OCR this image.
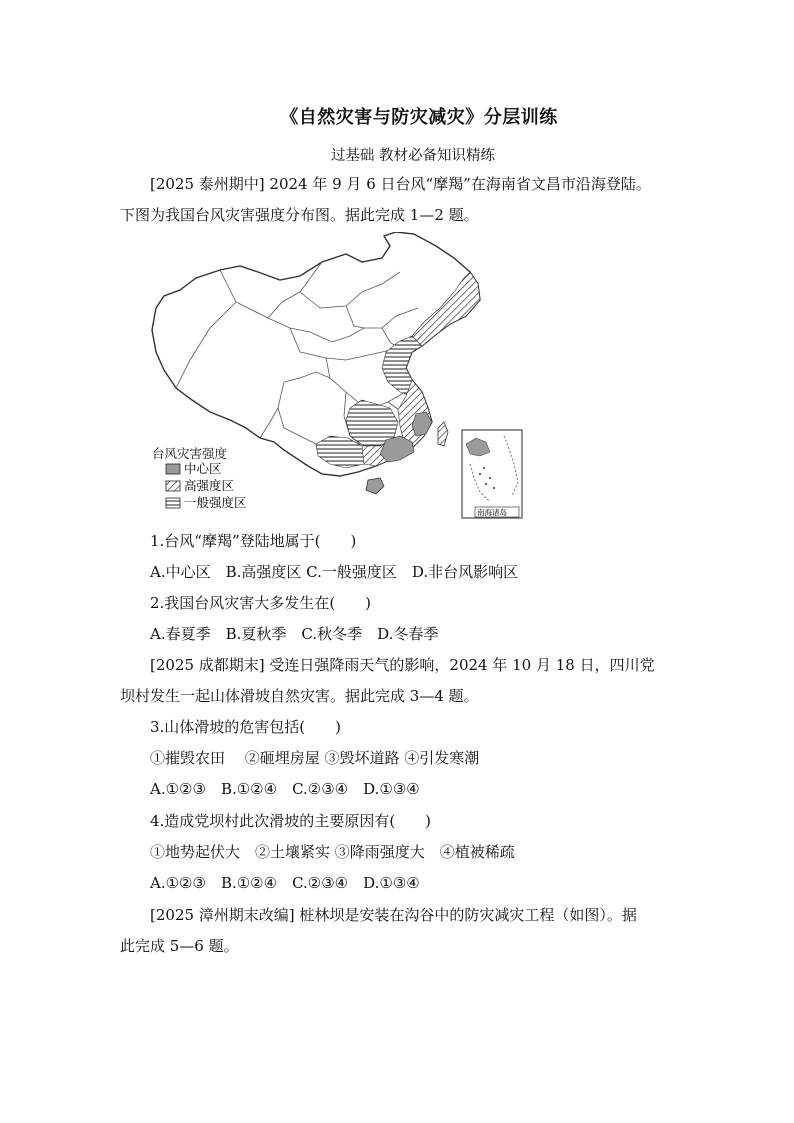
《自然灾害与防灾减灾》分层训练
过基础 教材必备知识精练
[2025 泰州期中] 2024 年 9 月 6 日台风“摩羯”在海南省文昌市沿海登陆。
下图为我国台风灾害强度分布图。据此完成 1—2 题。
台风灾害强度
中心区
高强度区
一般强度区
南海诸岛
1.台风“摩羯”登陆地属于(　　)
A.中心区　B.高强度区 C.一般强度区　D.非台风影响区
2.我国台风灾害大多发生在(　　)
A.春夏季　B.夏秋季　C.秋冬季　D.冬春季
[2025 成都期末] 受连日强降雨天气的影响，2024 年 10 月 18 日，四川党
坝村发生一起山体滑坡自然灾害。据此完成 3—4 题。
3.山体滑坡的危害包括(　　)
①摧毁农田　 ②砸埋房屋 ③毁坏道路 ④引发寒潮
A.①②③　B.①②④　C.②③④　D.①③④
4.造成党坝村此次滑坡的主要原因有(　　)
①地势起伏大　②土壤紧实 ③降雨强度大　④植被稀疏
A.①②③　B.①②④　C.②③④　D.①③④
[2025 漳州期末改编] 桩林坝是安装在沟谷中的防灾减灾工程（如图）。据
此完成 5—6 题。
